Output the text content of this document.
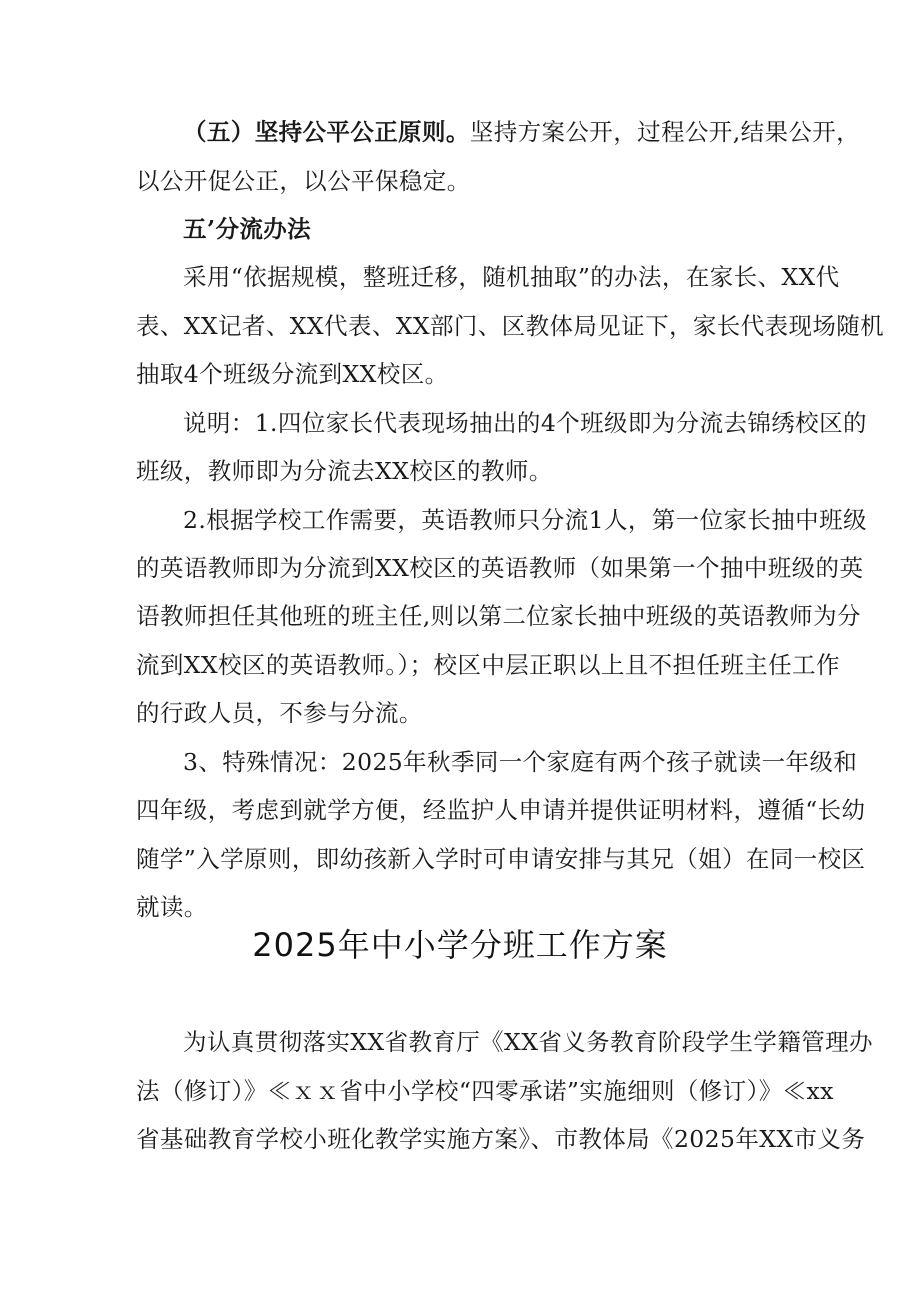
（五）坚持公平公正原则。坚持方案公开，过程公开,结果公开，
以公开促公正，以公平保稳定。
五’分流办法
采用“依据规模，整班迁移，随机抽取”的办法，在家长、XX代
表、XX记者、XX代表、XX部门、区教体局见证下，家长代表现场随机
抽取4个班级分流到XX校区。
说明：1.四位家长代表现场抽出的4个班级即为分流去锦绣校区的
班级，教师即为分流去XX校区的教师。
2.根据学校工作需要，英语教师只分流1人，第一位家长抽中班级
的英语教师即为分流到XX校区的英语教师（如果第一个抽中班级的英
语教师担任其他班的班主任,则以第二位家长抽中班级的英语教师为分
流到XX校区的英语教师。）；校区中层正职以上且不担任班主任工作
的行政人员，不参与分流。
3、特殊情况：2025年秋季同一个家庭有两个孩子就读一年级和
四年级，考虑到就学方便，经监护人申请并提供证明材料，遵循“长幼
随学”入学原则，即幼孩新入学时可申请安排与其兄（姐）在同一校区
就读。
2025年中小学分班工作方案
为认真贯彻落实XX省教育厅《XX省义务教育阶段学生学籍管理办
法（修订）》≪ｘｘ省中小学校“四零承诺”实施细则（修订）》≪xx
省基础教育学校小班化教学实施方案》、市教体局《2025年XX市义务
